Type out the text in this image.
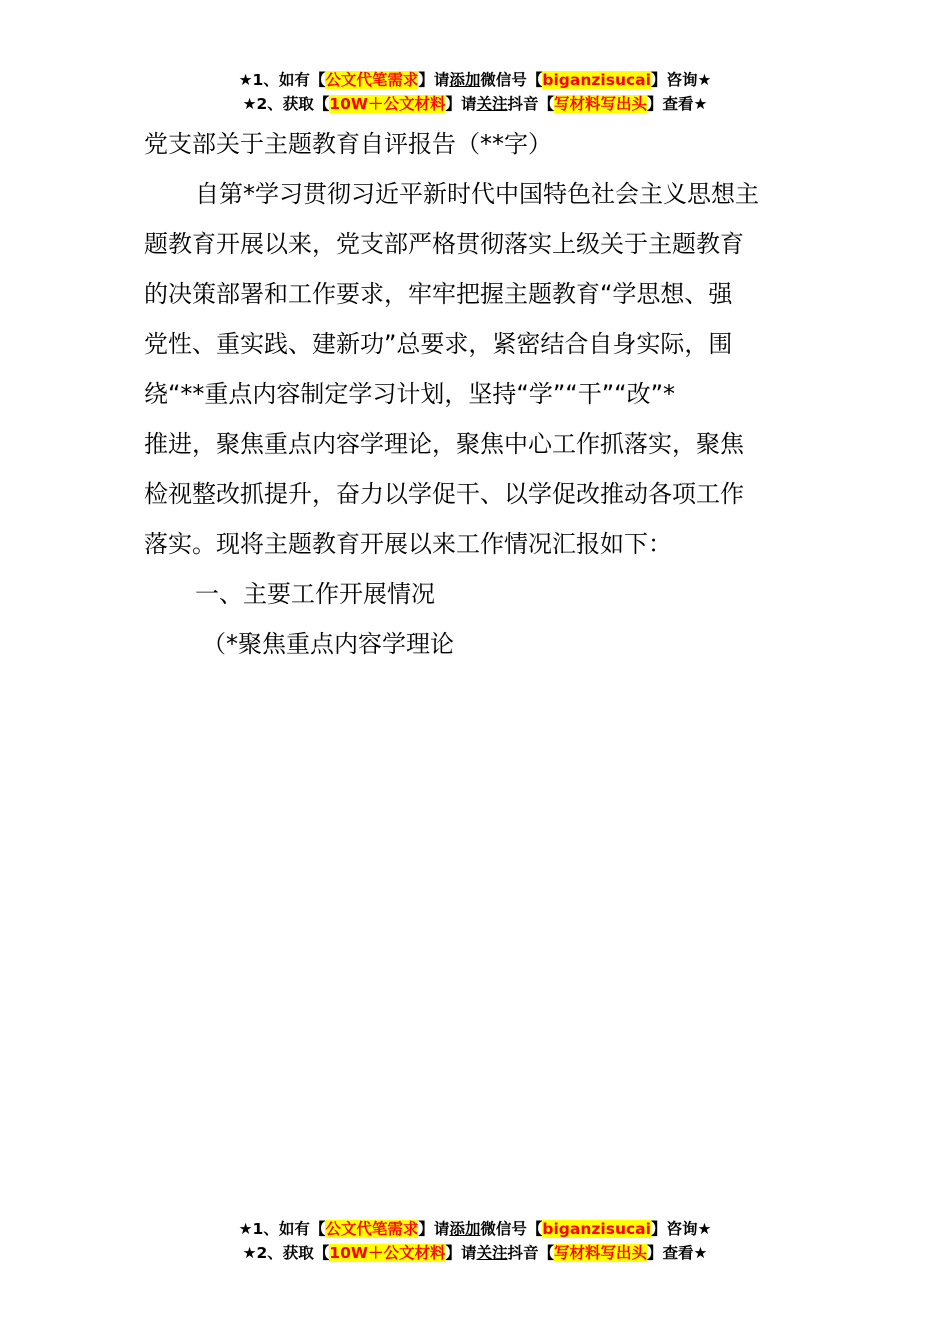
★1、如有【公文代笔需求】请添加微信号【biganzisucai】咨询★
★2、获取【10W＋公文材料】请关注抖音【写材料写出头】查看★
党支部关于主题教育自评报告（**字）
自第*学习贯彻习近平新时代中国特色社会主义思想主
题教育开展以来，党支部严格贯彻落实上级关于主题教育
的决策部署和工作要求，牢牢把握主题教育“学思想、强
党性、重实践、建新功”总要求，紧密结合自身实际，围
绕“**重点内容制定学习计划，坚持“学”“干”“改”*
推进，聚焦重点内容学理论，聚焦中心工作抓落实，聚焦
检视整改抓提升，奋力以学促干、以学促改推动各项工作
落实。现将主题教育开展以来工作情况汇报如下：
一、主要工作开展情况
（*聚焦重点内容学理论
★1、如有【公文代笔需求】请添加微信号【biganzisucai】咨询★
★2、获取【10W＋公文材料】请关注抖音【写材料写出头】查看★
